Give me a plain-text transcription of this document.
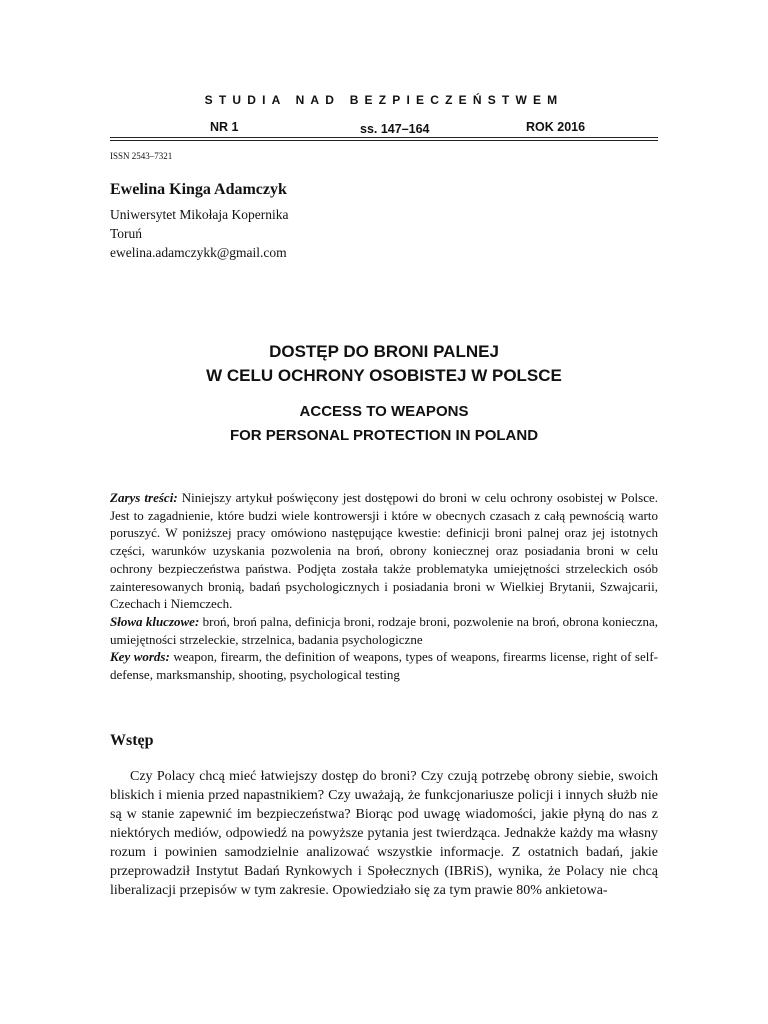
STUDIA NAD BEZPIECZEŃSTWEM
NR 1	ss. 147–164	ROK 2016
ISSN 2543–7321
Ewelina Kinga Adamczyk
Uniwersytet Mikołaja Kopernika
Toruń
ewelina.adamczykk@gmail.com
DOSTĘP DO BRONI PALNEJ
W CELU OCHRONY OSOBISTEJ W POLSCE
ACCESS TO WEAPONS
FOR PERSONAL PROTECTION IN POLAND

Zarys treści: Niniejszy artykuł poświęcony jest dostępowi do broni w celu ochrony osobistej w Polsce. Jest to zagadnienie, które budzi wiele kontrowersji i które w obecnych czasach z całą pewnością warto poruszyć. W poniższej pracy omówiono następujące kwestie: definicji broni palnej oraz jej istotnych części, warunków uzyskania pozwolenia na broń, obrony koniecznej oraz posiadania broni w celu ochrony bezpieczeństwa państwa. Podjęta została także problematyka umiejętności strzeleckich osób zainteresowanych bronią, badań psychologicznych i posiadania broni w Wielkiej Brytanii, Szwajcarii, Czechach i Niemczech.

Słowa kluczowe: broń, broń palna, definicja broni, rodzaje broni, pozwolenie na broń, obrona konieczna, umiejętności strzeleckie, strzelnica, badania psychologiczne

Key words: weapon, firearm, the definition of weapons, types of weapons, firearms license, right of self-defense, marksmanship, shooting, psychological testing

Wstęp

Czy Polacy chcą mieć łatwiejszy dostęp do broni? Czy czują potrzebę obrony siebie, swoich bliskich i mienia przed napastnikiem? Czy uważają, że funkcjonariusze policji i innych służb nie są w stanie zapewnić im bezpieczeństwa? Biorąc pod uwagę wiadomości, jakie płyną do nas z niektórych mediów, odpowiedź na powyższe pytania jest twierdząca. Jednakże każdy ma własny rozum i powinien samodzielnie analizować wszystkie informacje. Z ostatnich badań, jakie przeprowadził Instytut Badań Rynkowych i Społecznych (IBRiS), wynika, że Polacy nie chcą liberalizacji przepisów w tym zakresie. Opowiedziało się za tym prawie 80% ankietowa-
